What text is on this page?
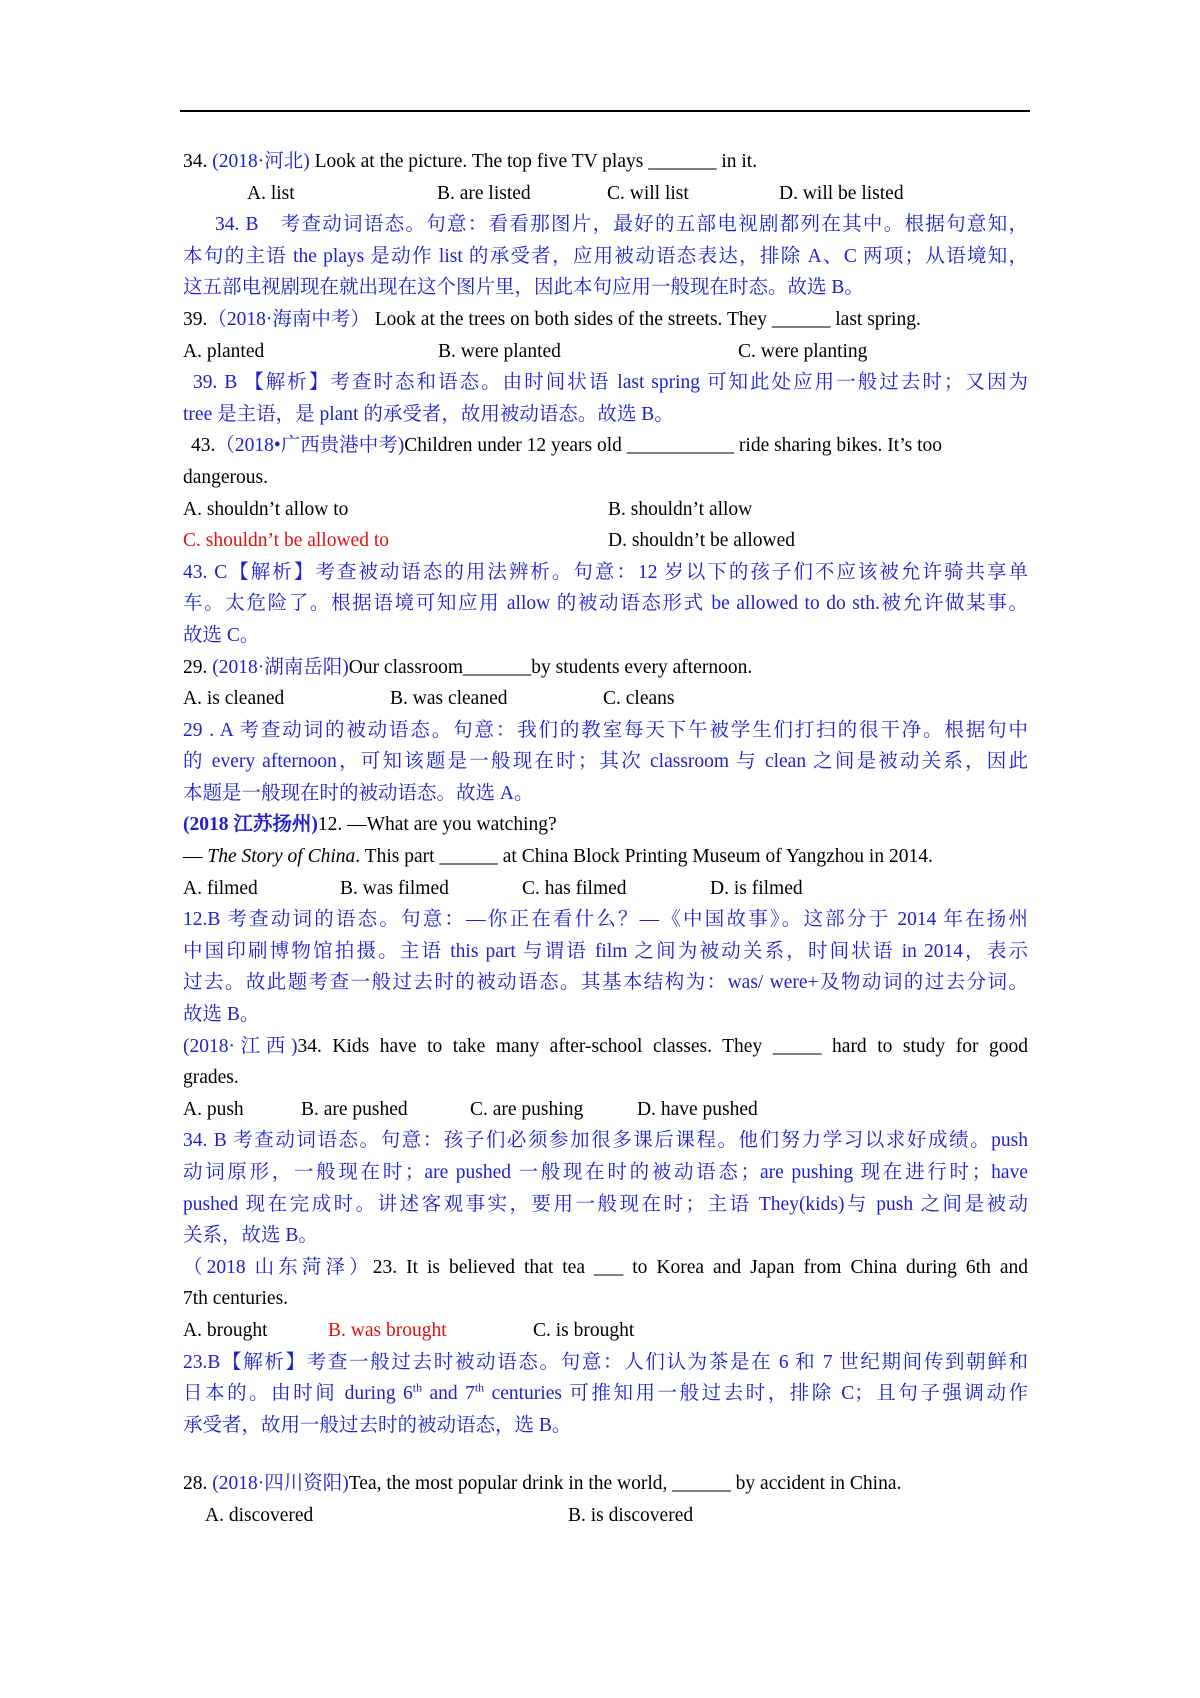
34. (2018·河北) Look at the picture. The top five TV plays _______ in it.
A. list	B. are listed	C. will list	D. will be listed
34. B　考查动词语态。句意：看看那图片，最好的五部电视剧都列在其中。根据句意知，
本句的主语 the plays 是动作 list 的承受者，应用被动语态表达，排除 A、C 两项；从语境知，
这五部电视剧现在就出现在这个图片里，因此本句应用一般现在时态。故选 B。
39.（2018·海南中考） Look at the trees on both sides of the streets. They ______ last spring.
A. planted	B. were planted	C. were planting
39. B 【解析】考查时态和语态。由时间状语 last spring 可知此处应用一般过去时；又因为
tree 是主语，是 plant 的承受者，故用被动语态。故选 B。
43.（2018•广西贵港中考)Children under 12 years old ___________ ride sharing bikes. It’s too
dangerous.
A. shouldn’t allow to	B. shouldn’t allow
C. shouldn’t be allowed to	D. shouldn’t be allowed
43. C【解析】考查被动语态的用法辨析。句意：12 岁以下的孩子们不应该被允许骑共享单
车。太危险了。根据语境可知应用 allow 的被动语态形式 be allowed to do sth.被允许做某事。
故选 C。
29. (2018·湖南岳阳)Our classroom_______by students every afternoon.
A. is cleaned	B. was cleaned	C. cleans
29 . A 考查动词的被动语态。句意：我们的教室每天下午被学生们打扫的很干净。根据句中
的 every afternoon，可知该题是一般现在时；其次 classroom 与 clean 之间是被动关系，因此
本题是一般现在时的被动语态。故选 A。
(2018 江苏扬州)12. —What are you watching?
— The Story of China. This part ______ at China Block Printing Museum of Yangzhou in 2014.
A. filmed	B. was filmed	C. has filmed	D. is filmed
12.B 考查动词的语态。句意：—你正在看什么？—《中国故事》。这部分于 2014 年在扬州
中国印刷博物馆拍摄。主语 this part 与谓语 film 之间为被动关系，时间状语 in 2014，表示
过去。故此题考查一般过去时的被动语态。其基本结构为：was/ were+及物动词的过去分词。
故选 B。
(2018·江西)34. Kids have to take many after-school classes. They _____ hard to study for good
grades.
A. push	B. are pushed	C. are pushing	D. have pushed
34. B 考查动词语态。句意：孩子们必须参加很多课后课程。他们努力学习以求好成绩。push
动词原形，一般现在时；are pushed 一般现在时的被动语态；are pushing 现在进行时；have
pushed 现在完成时。讲述客观事实，要用一般现在时；主语 They(kids)与 push 之间是被动
关系，故选 B。
（2018 山东菏泽）23. It is believed that tea ___ to Korea and Japan from China during 6th and
7th centuries.
A. brought	B. was brought	C. is brought
23.B【解析】考查一般过去时被动语态。句意：人们认为茶是在 6 和 7 世纪期间传到朝鲜和
日本的。由时间 during 6th and 7th centuries 可推知用一般过去时，排除 C；且句子强调动作
承受者，故用一般过去时的被动语态，选 B。
28. (2018·四川资阳)Tea, the most popular drink in the world, ______ by accident in China.
A. discovered	B. is discovered
